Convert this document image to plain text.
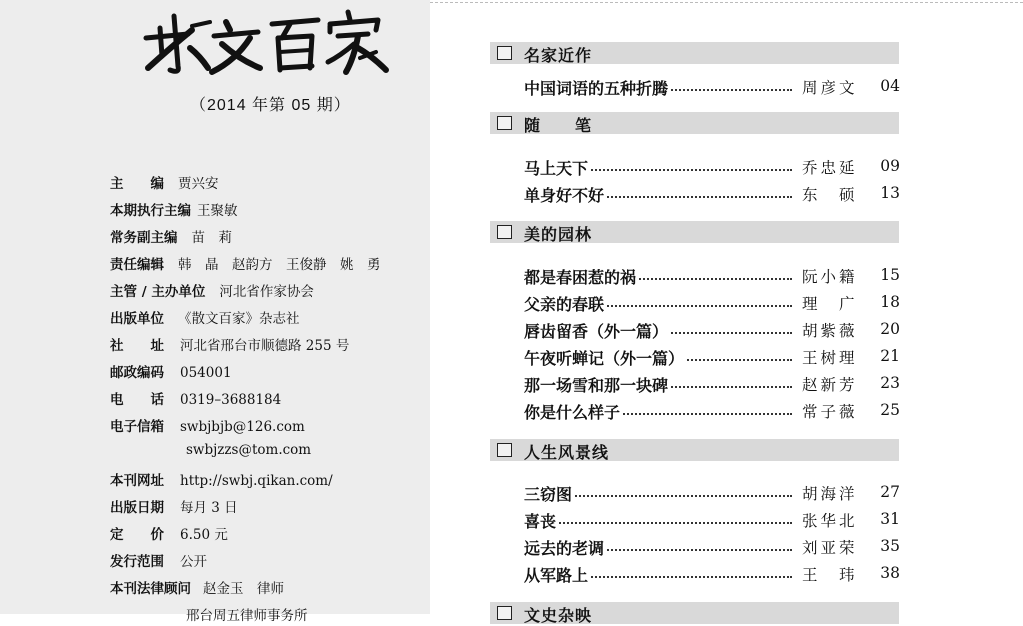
（2014 年第 05 期）
主　　编 贾兴安
本期执行主编 王聚敏
常务副主编 苗　莉
责任编辑 韩　晶　赵韵方　王俊静　姚　勇
主管 / 主办单位 河北省作家协会
出版单位 《散文百家》杂志社
社　　址 河北省邢台市顺德路 255 号
邮政编码 054001
电　　话 0319–3688184
电子信箱 swbjbjb@126.com
swbjzzs@tom.com
本刊网址 http://swbj.qikan.com/
出版日期 每月 3 日
定　　价 6.50 元
发行范围 公开
本刊法律顾问 赵金玉　律师
邢台周五律师事务所
名家近作
中国词语的五种折腾	周彦文 04
随　　笔
马上天下	乔忠延 09
单身好不好	东　硕 13
美的园林
都是春困惹的祸	阮小籍 15
父亲的春联	理　广 18
唇齿留香（外一篇）	胡紫薇 20
午夜听蝉记（外一篇）	王树理 21
那一场雪和那一块碑	赵新芳 23
你是什么样子	常子薇 25
人生风景线
三窃图	胡海洋 27
喜丧	张华北 31
远去的老调	刘亚荣 35
从军路上	王　玮 38
文史杂映
